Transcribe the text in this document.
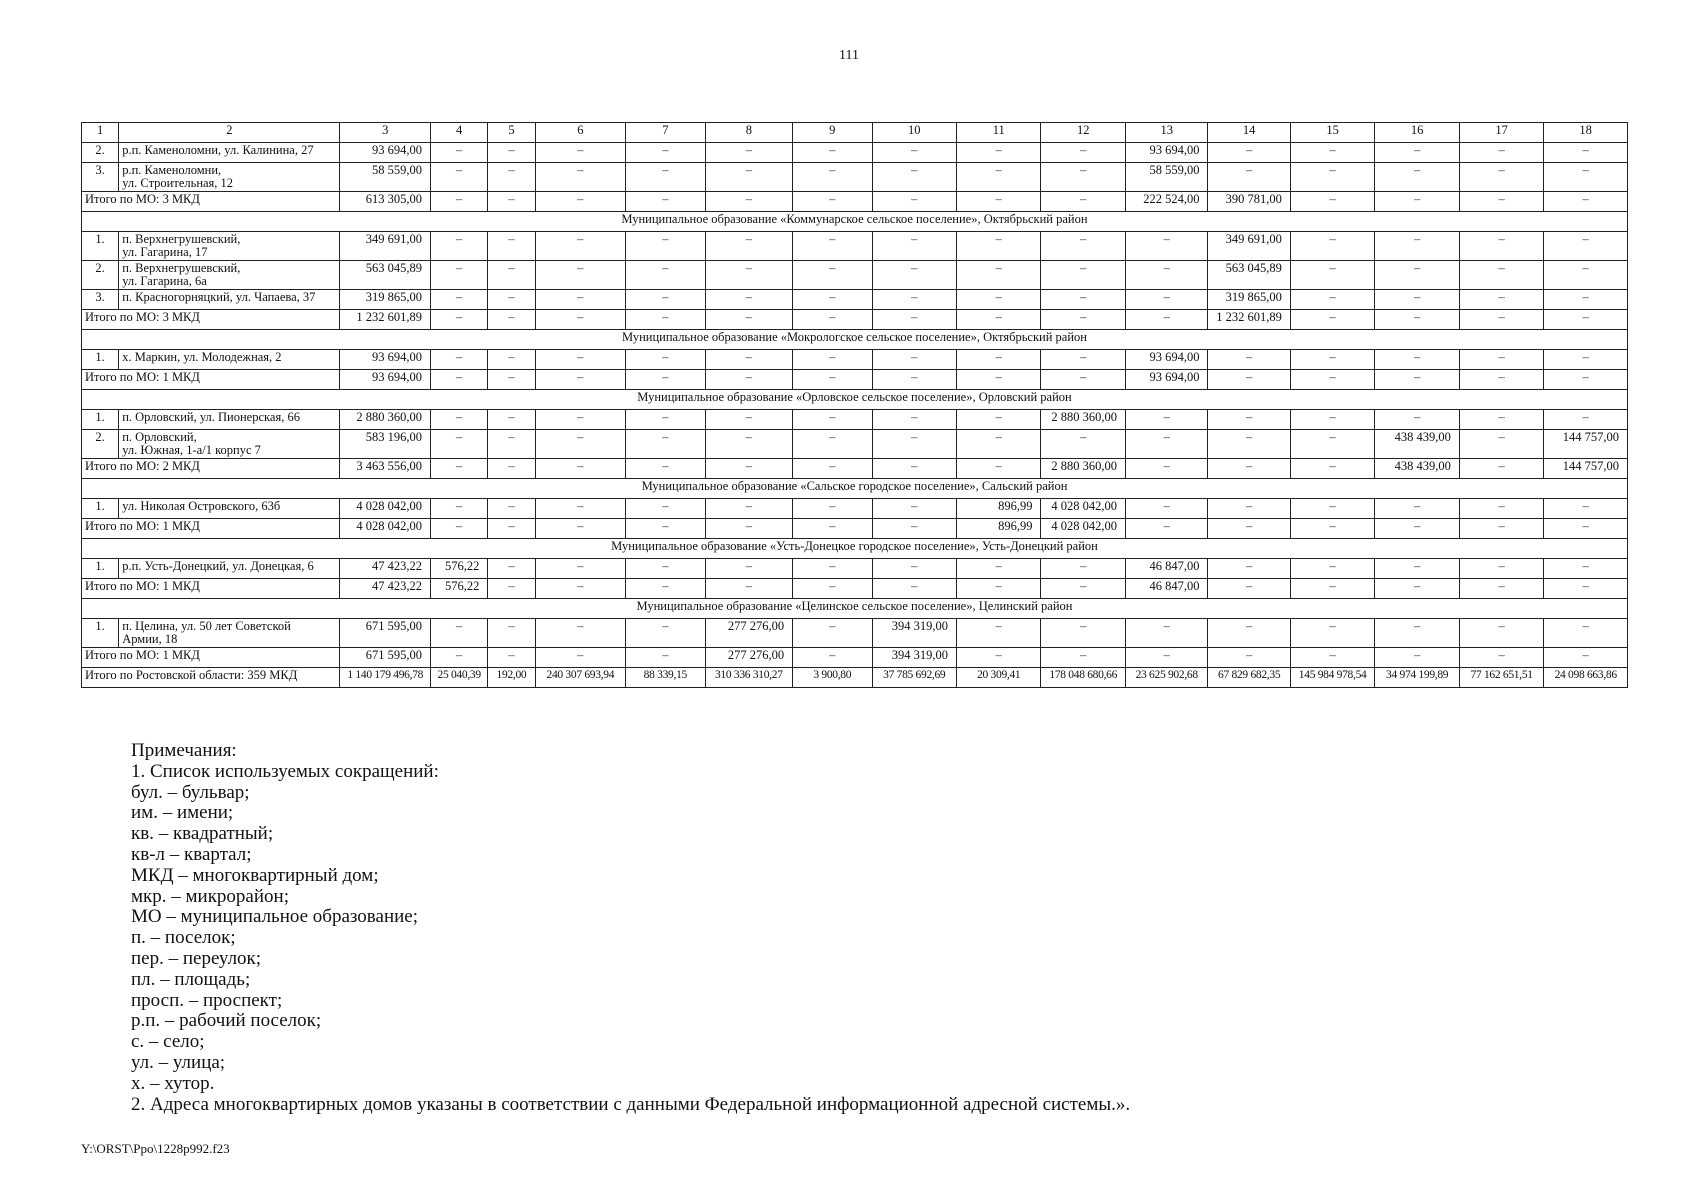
111
1	2	3	4	5	6	7	8	9	10	11	12	13	14	15	16	17	18
2.	р.п. Каменоломни, ул. Калинина, 27	93 694,00	–	–	–	–	–	–	–	–	–	93 694,00	–	–	–	–	–
3.	р.п. Каменоломни,
ул. Строительная, 12	58 559,00	–	–	–	–	–	–	–	–	–	58 559,00	–	–	–	–	–
Итого по МО: 3 МКД		613 305,00	–	–	–	–	–	–	–	–	–	222 524,00	390 781,00	–	–	–	–
Муниципальное образование «Коммунарское сельское поселение», Октябрьский район																	
1.	п. Верхнегрушевский,
ул. Гагарина, 17	349 691,00	–	–	–	–	–	–	–	–	–	–	349 691,00	–	–	–	–
2.	п. Верхнегрушевский,
ул. Гагарина, 6а	563 045,89	–	–	–	–	–	–	–	–	–	–	563 045,89	–	–	–	–
3.	п. Красногорняцкий, ул. Чапаева, 37	319 865,00	–	–	–	–	–	–	–	–	–	–	319 865,00	–	–	–	–
Итого по МО: 3 МКД		1 232 601,89	–	–	–	–	–	–	–	–	–	–	1 232 601,89	–	–	–	–
Муниципальное образование «Мокрологское сельское поселение», Октябрьский район																	
1.	х. Маркин, ул. Молодежная, 2	93 694,00	–	–	–	–	–	–	–	–	–	93 694,00	–	–	–	–	–
Итого по МО: 1 МКД		93 694,00	–	–	–	–	–	–	–	–	–	93 694,00	–	–	–	–	–
Муниципальное образование «Орловское сельское поселение», Орловский район																	
1.	п. Орловский, ул. Пионерская, 66	2 880 360,00	–	–	–	–	–	–	–	–	2 880 360,00	–	–	–	–	–	–
2.	п. Орловский,
ул. Южная, 1-а/1 корпус 7	583 196,00	–	–	–	–	–	–	–	–	–	–	–	–	438 439,00	–	144 757,00
Итого по МО: 2 МКД		3 463 556,00	–	–	–	–	–	–	–	–	2 880 360,00	–	–	–	438 439,00	–	144 757,00
Муниципальное образование «Сальское городское поселение», Сальский район																	
1.	ул. Николая Островского, 63б	4 028 042,00	–	–	–	–	–	–	–	896,99	4 028 042,00	–	–	–	–	–	–
Итого по МО: 1 МКД		4 028 042,00	–	–	–	–	–	–	–	896,99	4 028 042,00	–	–	–	–	–	–
Муниципальное образование «Усть-Донецкое городское поселение», Усть-Донецкий район																	
1.	р.п. Усть-Донецкий, ул. Донецкая, 6	47 423,22	576,22	–	–	–	–	–	–	–	–	46 847,00	–	–	–	–	–
Итого по МО: 1 МКД		47 423,22	576,22	–	–	–	–	–	–	–	–	46 847,00	–	–	–	–	–
Муниципальное образование «Целинское сельское поселение», Целинский район																	
1.	п. Целина, ул. 50 лет Советской
Армии, 18	671 595,00	–	–	–	–	277 276,00	–	394 319,00	–	–	–	–	–	–	–	–
Итого по МО: 1 МКД		671 595,00	–	–	–	–	277 276,00	–	394 319,00	–	–	–	–	–	–	–	–
Итого по Ростовской области: 359 МКД		1 140 179 496,78	25 040,39	192,00	240 307 693,94	88 339,15	310 336 310,27	3 900,80	37 785 692,69	20 309,41	178 048 680,66	23 625 902,68	67 829 682,35	145 984 978,54	34 974 199,89	77 162 651,51	24 098 663,86
Примечания:
1. Список используемых сокращений:
бул. – бульвар;
им. – имени;
кв. – квадратный;
кв-л – квартал;
МКД – многоквартирный дом;
мкр. – микрорайон;
МО – муниципальное образование;
п. – поселок;
пер. – переулок;
пл. – площадь;
просп. – проспект;
р.п. – рабочий поселок;
с. – село;
ул. – улица;
х. – хутор.
2. Адреса многоквартирных домов указаны в соответствии с данными Федеральной информационной адресной системы.».
Y:\ORST\Ppo\1228p992.f23
